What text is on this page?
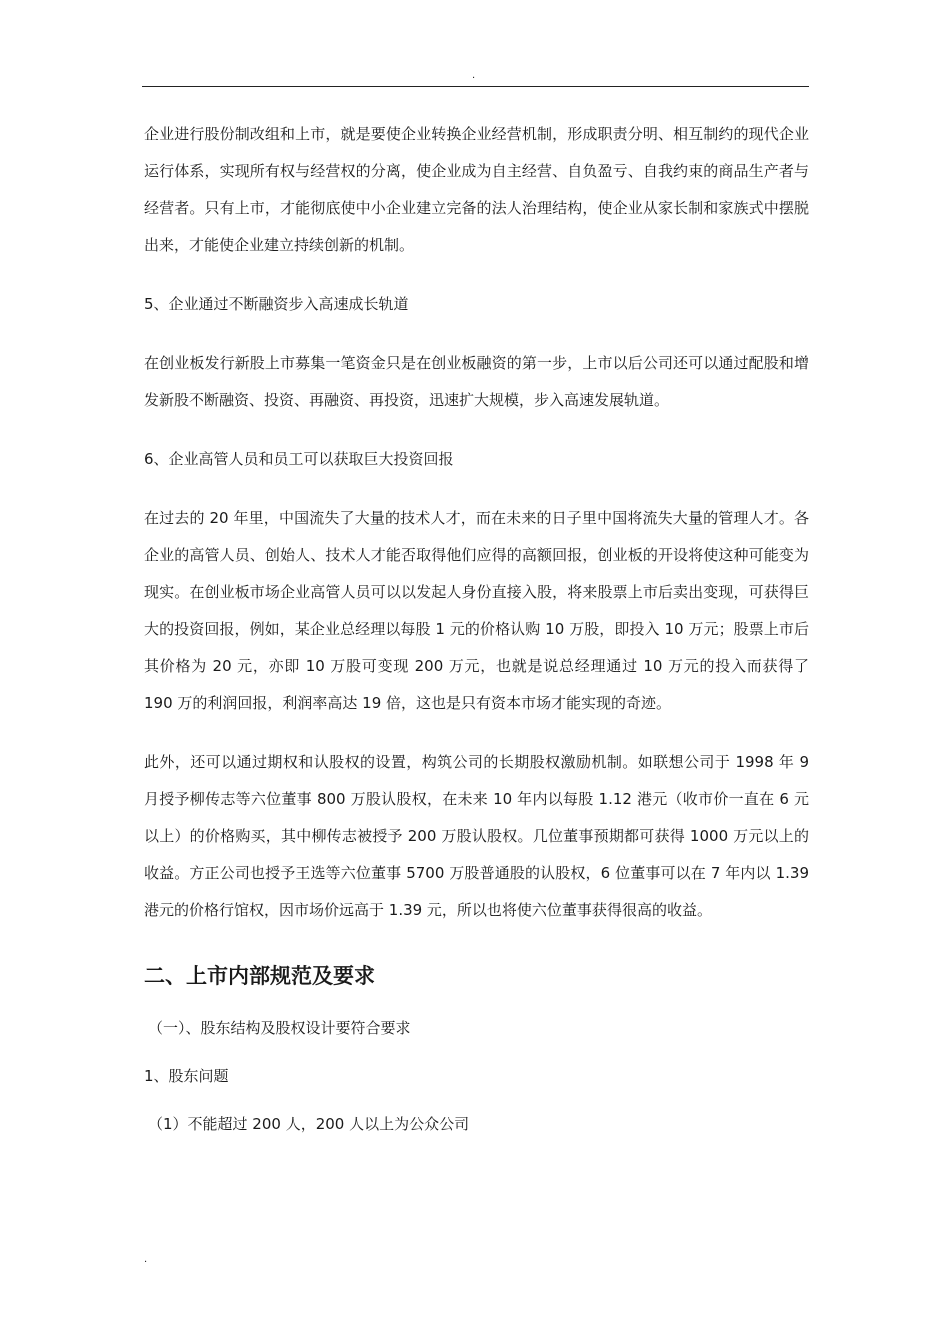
.

企业进行股份制改组和上市，就是要使企业转换企业经营机制，形成职责分明、相互制约的现代企业运行体系，实现所有权与经营权的分离，使企业成为自主经营、自负盈亏、自我约束的商品生产者与经营者。只有上市，才能彻底使中小企业建立完备的法人治理结构，使企业从家长制和家族式中摆脱出来，才能使企业建立持续创新的机制。

5、企业通过不断融资步入高速成长轨道

在创业板发行新股上市募集一笔资金只是在创业板融资的第一步，上市以后公司还可以通过配股和增发新股不断融资、投资、再融资、再投资，迅速扩大规模，步入高速发展轨道。

6、企业高管人员和员工可以获取巨大投资回报

在过去的 20 年里，中国流失了大量的技术人才，而在未来的日子里中国将流失大量的管理人才。各企业的高管人员、创始人、技术人才能否取得他们应得的高额回报，创业板的开设将使这种可能变为现实。在创业板市场企业高管人员可以以发起人身份直接入股，将来股票上市后卖出变现，可获得巨大的投资回报，例如，某企业总经理以每股 1 元的价格认购 10 万股，即投入 10 万元；股票上市后其价格为 20 元，亦即 10 万股可变现 200 万元，也就是说总经理通过 10 万元的投入而获得了 190 万的利润回报，利润率高达 19 倍，这也是只有资本市场才能实现的奇迹。

此外，还可以通过期权和认股权的设置，构筑公司的长期股权激励机制。如联想公司于 1998 年 9 月授予柳传志等六位董事 800 万股认股权，在未来 10 年内以每股 1.12 港元（收市价一直在 6 元以上）的价格购买，其中柳传志被授予 200 万股认股权。几位董事预期都可获得 1000 万元以上的收益。方正公司也授予王选等六位董事 5700 万股普通股的认股权，6 位董事可以在 7 年内以 1.39 港元的价格行馆权，因市场价远高于 1.39 元，所以也将使六位董事获得很高的收益。

二、上市内部规范及要求

（一）、股东结构及股权设计要符合要求

1、股东问题

（1）不能超过 200 人，200 人以上为公众公司

.
